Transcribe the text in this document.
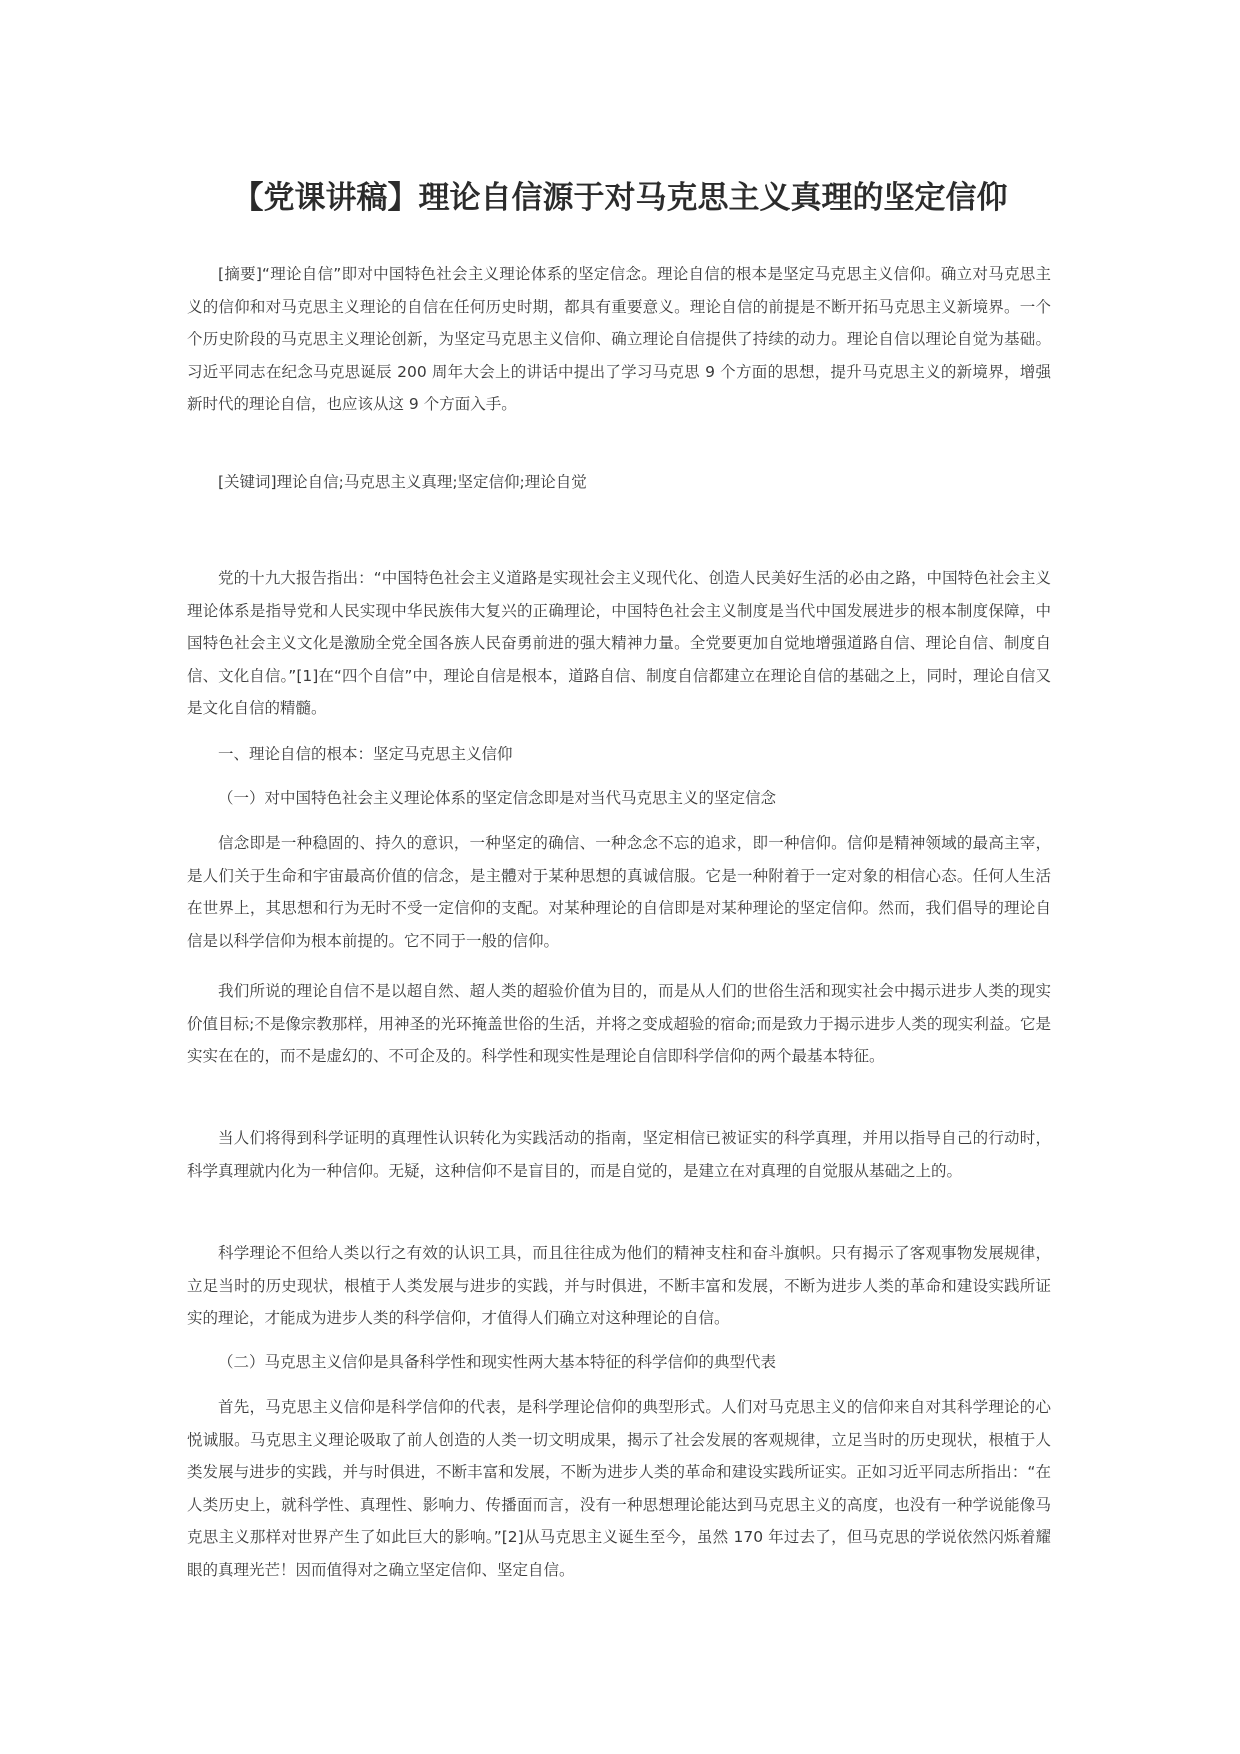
【党课讲稿】理论自信源于对马克思主义真理的坚定信仰

[摘要]“理论自信”即对中国特色社会主义理论体系的坚定信念。理论自信的根本是坚定马克思主义信仰。确立对马克思主义的信仰和对马克思主义理论的自信在任何历史时期，都具有重要意义。理论自信的前提是不断开拓马克思主义新境界。一个个历史阶段的马克思主义理论创新，为坚定马克思主义信仰、确立理论自信提供了持续的动力。理论自信以理论自觉为基础。习近平同志在纪念马克思诞辰 200 周年大会上的讲话中提出了学习马克思 9 个方面的思想，提升马克思主义的新境界，增强新时代的理论自信，也应该从这 9 个方面入手。

[关键词]理论自信;马克思主义真理;坚定信仰;理论自觉

党的十九大报告指出：“中国特色社会主义道路是实现社会主义现代化、创造人民美好生活的必由之路，中国特色社会主义理论体系是指导党和人民实现中华民族伟大复兴的正确理论，中国特色社会主义制度是当代中国发展进步的根本制度保障，中国特色社会主义文化是激励全党全国各族人民奋勇前进的强大精神力量。全党要更加自觉地增强道路自信、理论自信、制度自信、文化自信。”[1]在“四个自信”中，理论自信是根本，道路自信、制度自信都建立在理论自信的基础之上，同时，理论自信又是文化自信的精髓。

一、理论自信的根本：坚定马克思主义信仰

（一）对中国特色社会主义理论体系的坚定信念即是对当代马克思主义的坚定信念

信念即是一种稳固的、持久的意识，一种坚定的确信、一种念念不忘的追求，即一种信仰。信仰是精神领域的最高主宰，是人们关于生命和宇宙最高价值的信念，是主體对于某种思想的真诚信服。它是一种附着于一定对象的相信心态。任何人生活在世界上，其思想和行为无时不受一定信仰的支配。对某种理论的自信即是对某种理论的坚定信仰。然而，我们倡导的理论自信是以科学信仰为根本前提的。它不同于一般的信仰。

我们所说的理论自信不是以超自然、超人类的超验价值为目的，而是从人们的世俗生活和现实社会中揭示进步人类的现实价值目标;不是像宗教那样，用神圣的光环掩盖世俗的生活，并将之变成超验的宿命;而是致力于揭示进步人类的现实利益。它是实实在在的，而不是虚幻的、不可企及的。科学性和现实性是理论自信即科学信仰的两个最基本特征。

当人们将得到科学证明的真理性认识转化为实践活动的指南，坚定相信已被证实的科学真理，并用以指导自己的行动时，科学真理就内化为一种信仰。无疑，这种信仰不是盲目的，而是自觉的，是建立在对真理的自觉服从基础之上的。

科学理论不但给人类以行之有效的认识工具，而且往往成为他们的精神支柱和奋斗旗帜。只有揭示了客观事物发展规律，立足当时的历史现状，根植于人类发展与进步的实践，并与时俱进，不断丰富和发展，不断为进步人类的革命和建设实践所证实的理论，才能成为进步人类的科学信仰，才值得人们确立对这种理论的自信。

（二）马克思主义信仰是具备科学性和现实性两大基本特征的科学信仰的典型代表

首先，马克思主义信仰是科学信仰的代表，是科学理论信仰的典型形式。人们对马克思主义的信仰来自对其科学理论的心悦诚服。马克思主义理论吸取了前人创造的人类一切文明成果，揭示了社会发展的客观规律，立足当时的历史现状，根植于人类发展与进步的实践，并与时俱进，不断丰富和发展，不断为进步人类的革命和建设实践所证实。正如习近平同志所指出：“在人类历史上，就科学性、真理性、影响力、传播面而言，没有一种思想理论能达到马克思主义的高度，也没有一种学说能像马克思主义那样对世界产生了如此巨大的影响。”[2]从马克思主义诞生至今，虽然 170 年过去了，但马克思的学说依然闪烁着耀眼的真理光芒！因而值得对之确立坚定信仰、坚定自信。
